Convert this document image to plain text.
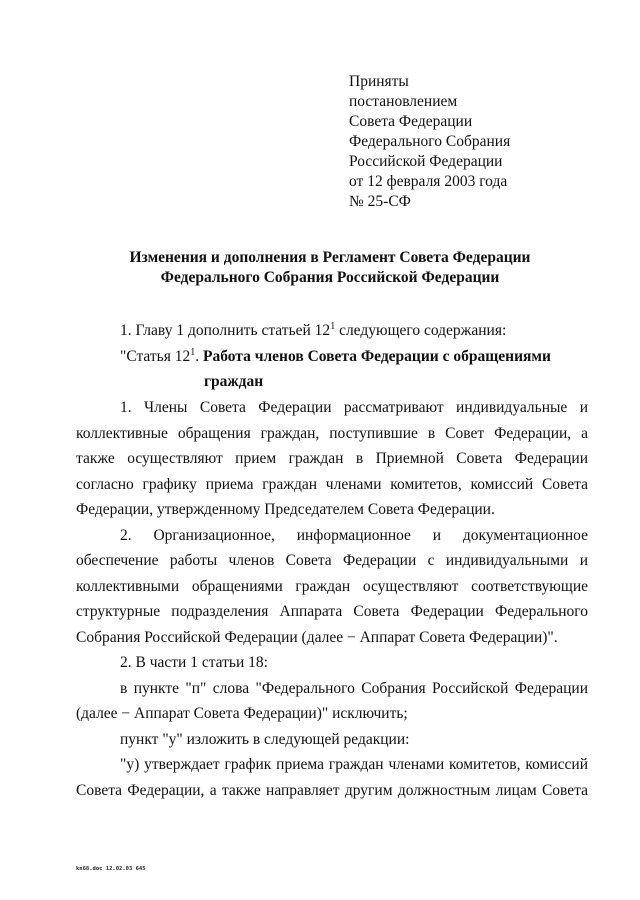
Приняты
постановлением
Совета Федерации
Федерального Собрания
Российской Федерации
от 12 февраля 2003 года
№ 25-СФ
Изменения и дополнения в Регламент Совета Федерации
Федерального Собрания Российской Федерации
1. Главу 1 дополнить статьей $12^1$ следующего содержания:
"Статья $12^1$. Работа членов Совета Федерации с обращениями
граждан
1. Члены Совета Федерации рассматривают индивидуальные и
коллективные обращения граждан, поступившие в Совет Федерации, а
также осуществляют прием граждан в Приемной Совета Федерации
согласно графику приема граждан членами комитетов, комиссий Совета
Федерации, утвержденному Председателем Совета Федерации.
2. Организационное, информационное и документационное
обеспечение работы членов Совета Федерации с индивидуальными и
коллективными обращениями граждан осуществляют соответствующие
структурные подразделения Аппарата Совета Федерации Федерального
Собрания Российской Федерации (далее − Аппарат Совета Федерации)".
2. В части 1 статьи 18:
в пункте "п" слова "Федерального Собрания Российской Федерации
(далее − Аппарат Совета Федерации)" исключить;
пункт "у" изложить в следующей редакции:
"у) утверждает график приема граждан членами комитетов, комиссий
Совета Федерации, а также направляет другим должностным лицам Совета
kn68.doc 12.02.03 645
